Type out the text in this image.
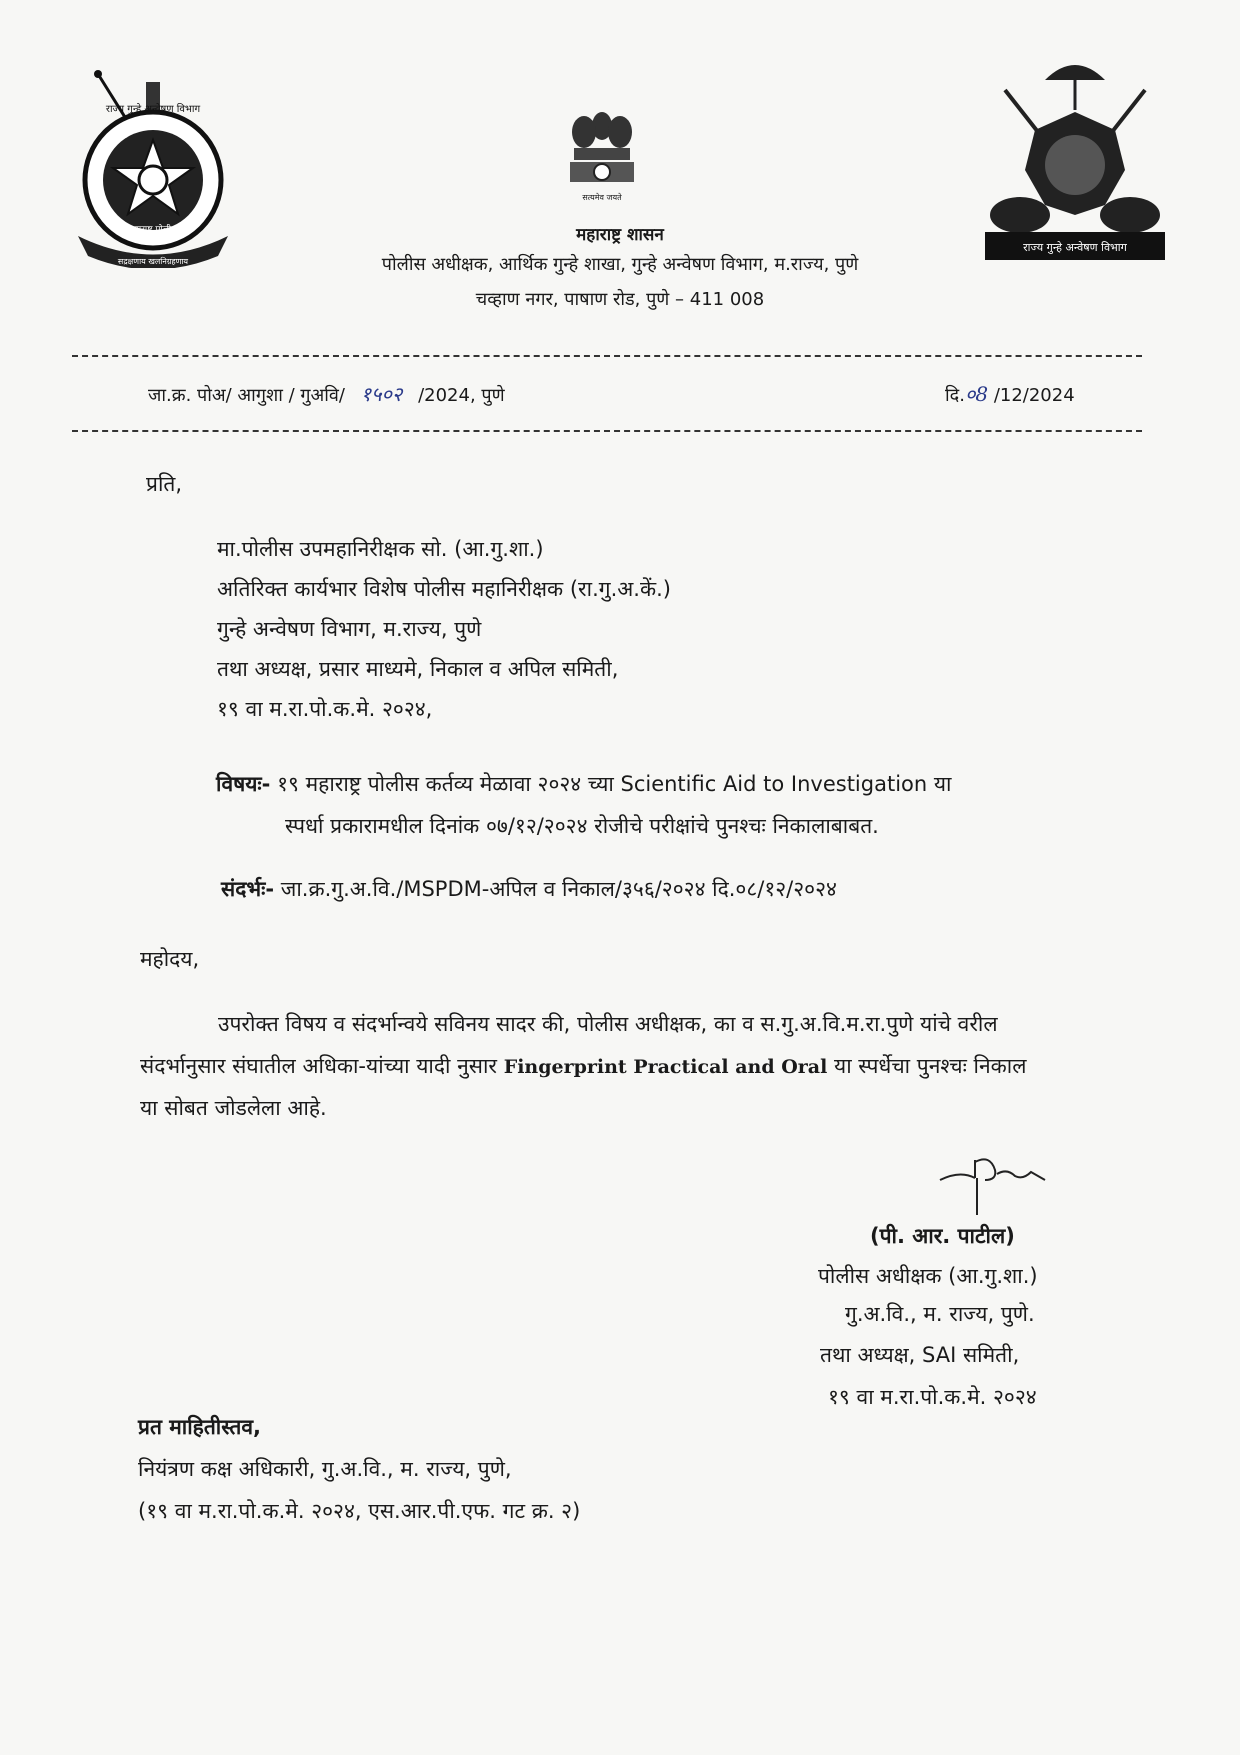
राज्य गुन्हे अन्वेषण विभाग
महाराष्ट्र पोलीस
सद्रक्षणाय खलनिग्रहणाय
सत्यमेव जयते
राज्य गुन्हे अन्वेषण विभाग
महाराष्ट्र शासन
पोलीस अधीक्षक, आर्थिक गुन्हे शाखा, गुन्हे अन्वेषण विभाग, म.राज्य, पुणे
चव्हाण नगर, पाषाण रोड, पुणे – 411 008
जा.क्र. पोअ/ आगुशा / गुअवि/ १५०२ /2024, पुणे	दि.०8 /12/2024
प्रति,
मा.पोलीस उपमहानिरीक्षक सो. (आ.गु.शा.)
अतिरिक्त कार्यभार विशेष पोलीस महानिरीक्षक (रा.गु.अ.कें.)
गुन्हे अन्वेषण विभाग, म.राज्य, पुणे
तथा अध्यक्ष, प्रसार माध्यमे, निकाल व अपिल समिती,
१९ वा म.रा.पो.क.मे. २०२४,
विषयः- १९ महाराष्ट्र पोलीस कर्तव्य मेळावा २०२४ च्या Scientific Aid to Investigation या
स्पर्धा प्रकारामधील दिनांक ०७/१२/२०२४ रोजीचे परीक्षांचे पुनश्चः निकालाबाबत.
संदर्भः- जा.क्र.गु.अ.वि./MSPDM-अपिल व निकाल/३५६/२०२४ दि.०८/१२/२०२४
महोदय,
उपरोक्त विषय व संदर्भान्वये सविनय सादर की, पोलीस अधीक्षक, का व स.गु.अ.वि.म.रा.पुणे यांचे वरील
संदर्भानुसार संघातील अधिका-यांच्या यादी नुसार Fingerprint Practical and Oral या स्पर्धेचा पुनश्चः निकाल
या सोबत जोडलेला आहे.
(पी. आर. पाटील)
पोलीस अधीक्षक (आ.गु.शा.)
गु.अ.वि., म. राज्य, पुणे.
तथा अध्यक्ष, SAI समिती,
१९ वा म.रा.पो.क.मे. २०२४
प्रत माहितीस्तव,
नियंत्रण कक्ष अधिकारी, गु.अ.वि., म. राज्य, पुणे,
(१९ वा म.रा.पो.क.मे. २०२४, एस.आर.पी.एफ. गट क्र. २)
